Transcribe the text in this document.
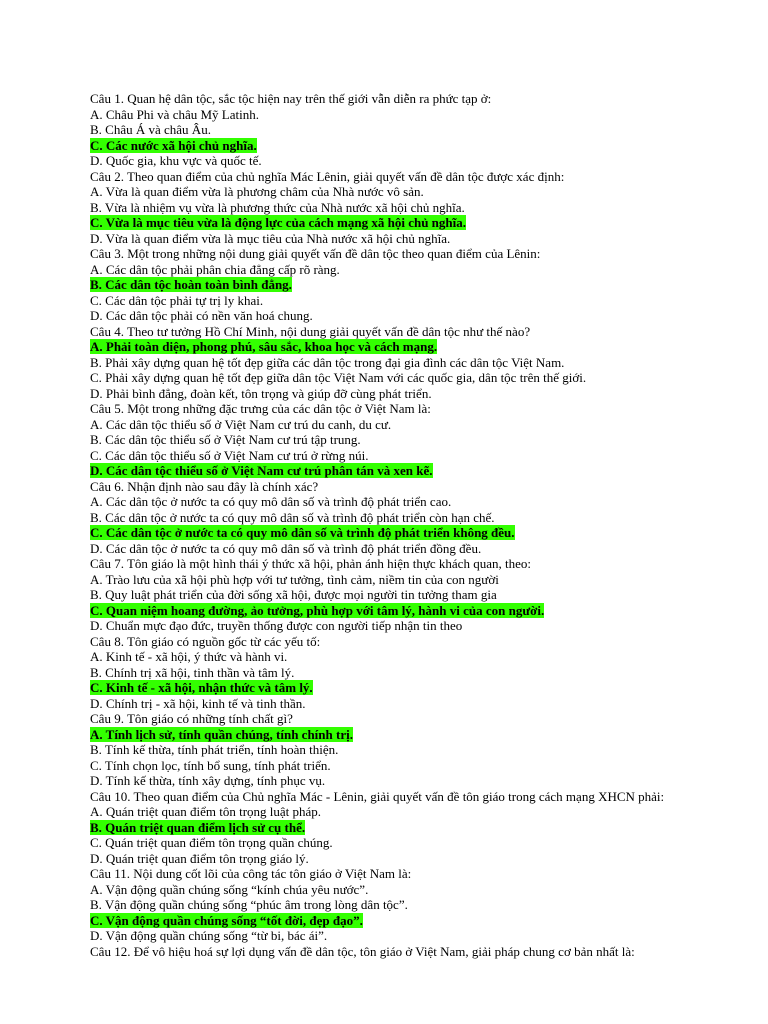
Câu 1. Quan hệ dân tộc, sắc tộc hiện nay trên thế giới vẫn diễn ra phức tạp ở:
A. Châu Phi và châu Mỹ Latinh.
B. Châu Á và châu Âu.
C. Các nước xã hội chủ nghĩa.
D. Quốc gia, khu vực và quốc tế.
Câu 2. Theo quan điểm của chủ nghĩa Mác Lênin, giải quyết vấn đề dân tộc được xác định:
A. Vừa là quan điểm vừa là phương châm của Nhà nước vô sản.
B. Vừa là nhiệm vụ vừa là phương thức của Nhà nước xã hội chủ nghĩa.
C. Vừa là mục tiêu vừa là động lực của cách mạng xã hội chủ nghĩa.
D. Vừa là quan điểm vừa là mục tiêu của Nhà nước xã hội chủ nghĩa.
Câu 3. Một trong những nội dung giải quyết vấn đề dân tộc theo quan điểm của Lênin:
A. Các dân tộc phải phân chia đẳng cấp rõ ràng.
B. Các dân tộc hoàn toàn bình đẳng.
C. Các dân tộc phải tự trị ly khai.
D. Các dân tộc phải có nền văn hoá chung.
Câu 4. Theo tư tưởng Hồ Chí Minh, nội dung giải quyết vấn đề dân tộc như thế nào?
A. Phải toàn diện, phong phú, sâu sắc, khoa học và cách mạng.
B. Phải xây dựng quan hệ tốt đẹp giữa các dân tộc trong đại gia đình các dân tộc Việt Nam.
C. Phải xây dựng quan hệ tốt đẹp giữa dân tộc Việt Nam với các quốc gia, dân tộc trên thế giới.
D. Phải bình đẳng, đoàn kết, tôn trọng và giúp đỡ cùng phát triển.
Câu 5. Một trong những đặc trưng của các dân tộc ở Việt Nam là:
A. Các dân tộc thiểu số ở Việt Nam cư trú du canh, du cư.
B. Các dân tộc thiểu số ở Việt Nam cư trú tập trung.
C. Các dân tộc thiểu số ở Việt Nam cư trú ở rừng núi.
D. Các dân tộc thiểu số ở Việt Nam cư trú phân tán và xen kẽ.
Câu 6. Nhận định nào sau đây là chính xác?
A. Các dân tộc ở nước ta có quy mô dân số và trình độ phát triển cao.
B. Các dân tộc ở nước ta có quy mô dân số và trình độ phát triển còn hạn chế.
C. Các dân tộc ở nước ta có quy mô dân số và trình độ phát triển không đều.
D. Các dân tộc ở nước ta có quy mô dân số và trình độ phát triển đồng đều.
Câu 7. Tôn giáo là một hình thái ý thức xã hội, phản ánh hiện thực khách quan, theo:
A. Trào lưu của xã hội phù hợp với tư tưởng, tình cảm, niềm tin của con người
B. Quy luật phát triển của đời sống xã hội, được mọi người tin tưởng tham gia
C. Quan niệm hoang đường, ảo tưởng, phù hợp với tâm lý, hành vi của con người.
D. Chuẩn mực đạo đức, truyền thống được con người tiếp nhận tin theo
Câu 8. Tôn giáo có nguồn gốc từ các yếu tố:
A. Kinh tế - xã hội, ý thức và hành vi.
B. Chính trị xã hội, tinh thần và tâm lý.
C. Kinh tế - xã hội, nhận thức và tâm lý.
D. Chính trị - xã hội, kinh tế và tinh thần.
Câu 9. Tôn giáo có những tính chất gì?
A. Tính lịch sử, tính quần chúng, tính chính trị.
B. Tính kế thừa, tính phát triển, tính hoàn thiện.
C. Tính chọn lọc, tính bổ sung, tính phát triển.
D. Tính kế thừa, tính xây dựng, tính phục vụ.
Câu 10. Theo quan điểm của Chủ nghĩa Mác - Lênin, giải quyết vấn đề tôn giáo trong cách mạng XHCN phải:
A. Quán triệt quan điểm tôn trọng luật pháp.
B. Quán triệt quan điểm lịch sử cụ thể.
C. Quán triệt quan điểm tôn trọng quần chúng.
D. Quán triệt quan điểm tôn trọng giáo lý.
Câu 11. Nội dung cốt lõi của công tác tôn giáo ở Việt Nam là:
A. Vận động quần chúng sống “kính chúa yêu nước”.
B. Vận động quần chúng sống “phúc âm trong lòng dân tộc”.
C. Vận động quần chúng sống “tốt đời, đẹp đạo”.
D. Vận động quần chúng sống “từ bi, bác ái”.
Câu 12. Để vô hiệu hoá sự lợi dụng vấn đề dân tộc, tôn giáo ở Việt Nam, giải pháp chung cơ bản nhất là:
